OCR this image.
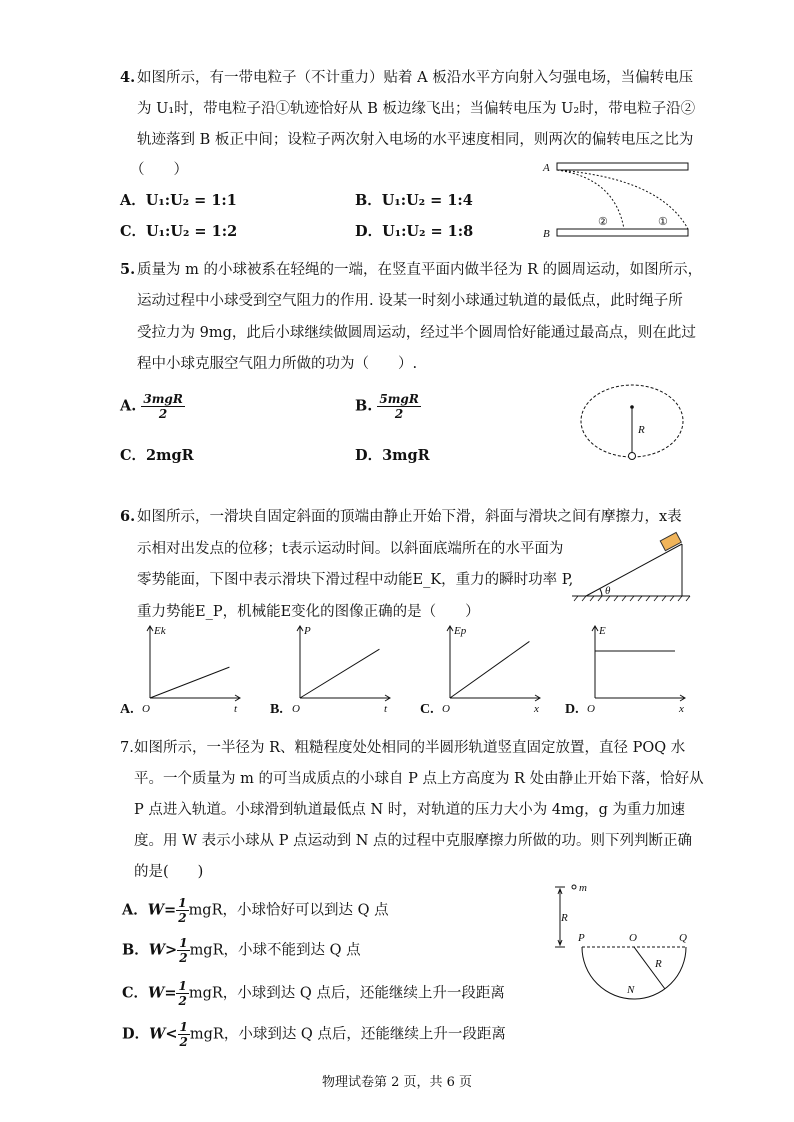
4. 如图所示，有一带电粒子（不计重力）贴着 A 板沿水平方向射入匀强电场，当偏转电压
为 U₁时，带电粒子沿①轨迹恰好从 B 板边缘飞出；当偏转电压为 U₂时，带电粒子沿②
轨迹落到 B 板正中间；设粒子两次射入电场的水平速度相同，则两次的偏转电压之比为
（　　）
A．U₁:U₂ = 1:1	B．U₁:U₂ = 1:4
C．U₁:U₂ = 1:2	D．U₁:U₂ = 1:8
A
B
②	①
5. 质量为 m 的小球被系在轻绳的一端，在竖直平面内做半径为 R 的圆周运动，如图所示，
运动过程中小球受到空气阻力的作用. 设某一时刻小球通过轨道的最低点，此时绳子所
受拉力为 9mg，此后小球继续做圆周运动，经过半个圆周恰好能通过最高点，则在此过
程中小球克服空气阻力所做的功为（　　）.
A. $\frac{\text{3mgR}}{2}$	B. $\frac{\text{5mgR}}{2}$
C．2mgR	D．3mgR
R
6. 如图所示，一滑块自固定斜面的顶端由静止开始下滑，斜面与滑块之间有摩擦力，x表
示相对出发点的位移；t表示运动时间。以斜面底端所在的水平面为
零势能面，下图中表示滑块下滑过程中动能E_K，重力的瞬时功率 P,
重力势能E_P，机械能E变化的图像正确的是（　　）
θ
Ek
t
O
A.
P
t
O
B.
Ep
x
O
C.
E
x
O
D.
7. 如图所示，一半径为 R、粗糙程度处处相同的半圆形轨道竖直固定放置，直径 POQ 水
平。一个质量为 m 的可当成质点的小球自 P 点上方高度为 R 处由静止开始下落，恰好从
P 点进入轨道。小球滑到轨道最低点 N 时，对轨道的压力大小为 4mg，g 为重力加速
度。用 W 表示小球从 P 点运动到 N 点的过程中克服摩擦力所做的功。则下列判断正确
的是(　　)
A．$W= \frac{1}{2}$ mgR，小球恰好可以到达 Q 点
B．$W> \frac{1}{2}$ mgR，小球不能到达 Q 点
C．$W= \frac{1}{2}$ mgR，小球到达 Q 点后，还能继续上升一段距离
D．$W< \frac{1}{2}$ mgR，小球到达 Q 点后，还能继续上升一段距离
m
R
P	O	Q
R
N
物理试卷第 2 页，共 6 页
